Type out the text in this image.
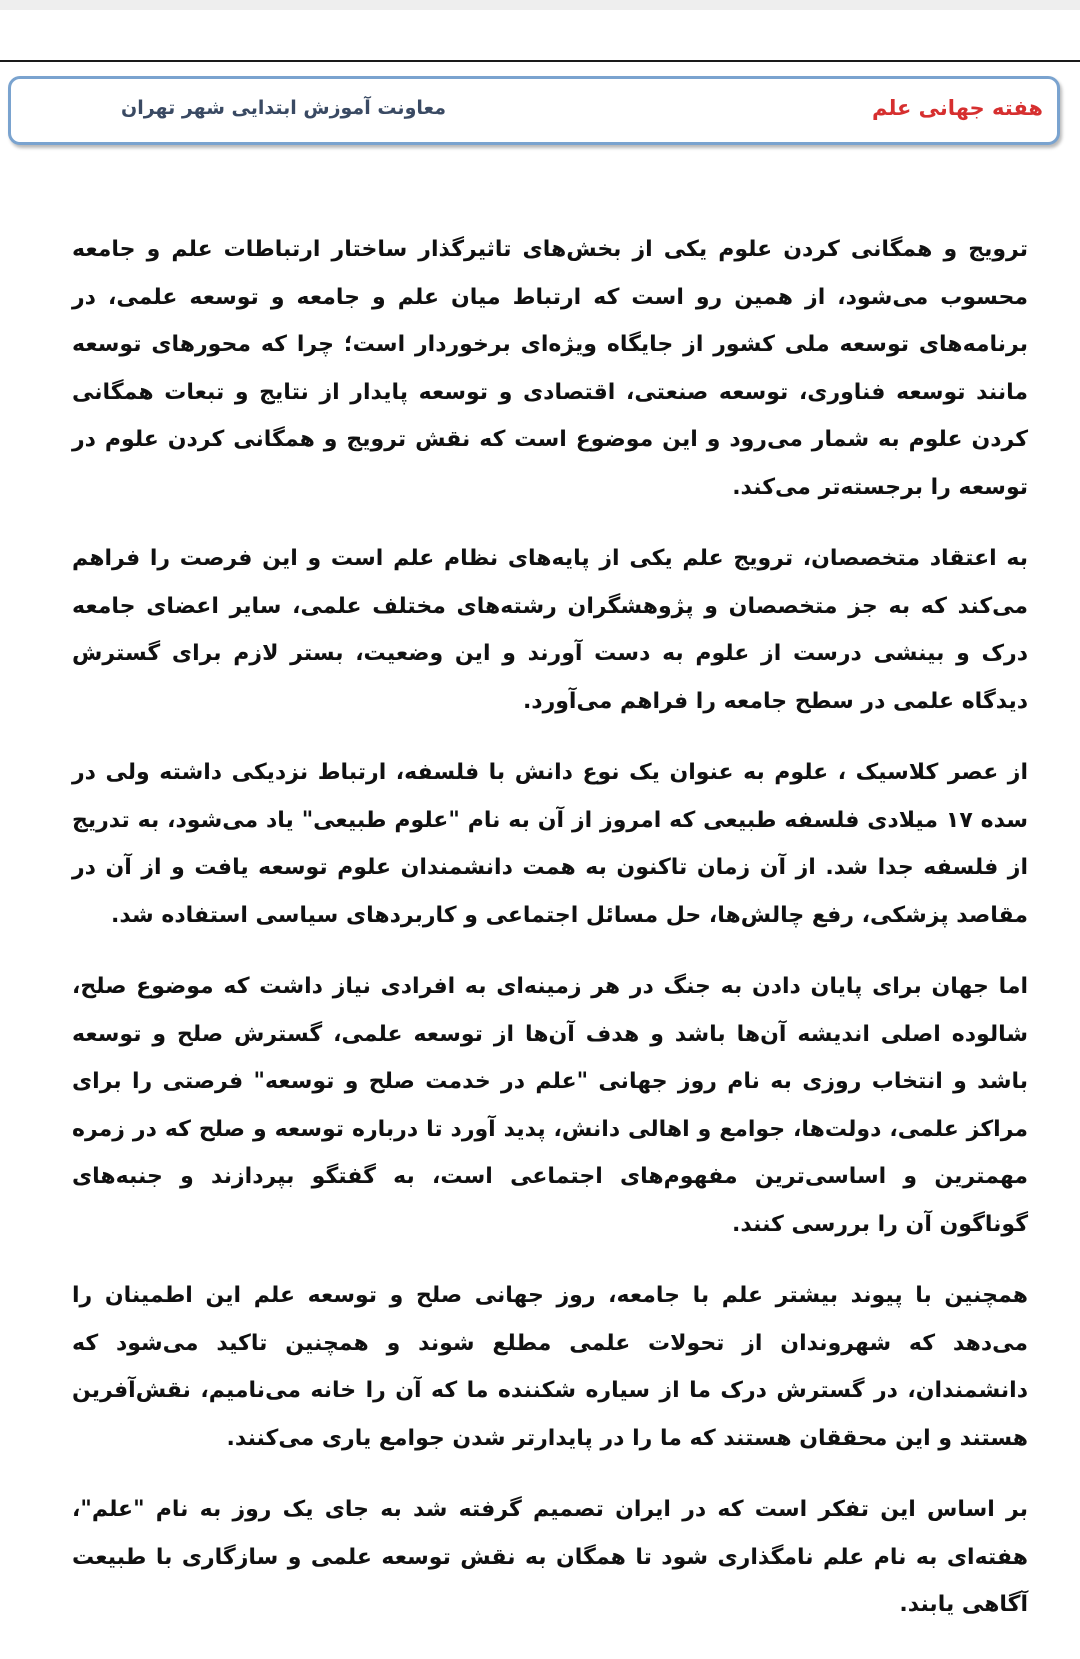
معاونت آموزش ابتدایی شهر تهران	هفته جهانی علم

ترویج و همگانی کردن علوم یکی از بخش‌های تاثیرگذار ساختار ارتباطات علم و جامعه محسوب می‌شود، از همین رو است که ارتباط میان علم و جامعه و توسعه علمی، در برنامه‌های توسعه ملی کشور از جایگاه ویژه‌ای برخوردار است؛ چرا که محورهای توسعه مانند توسعه فناوری، توسعه صنعتی، اقتصادی و توسعه پایدار از نتایج و تبعات همگانی کردن علوم به شمار می‌رود و این موضوع است که نقش ترویج و همگانی کردن علوم در توسعه را برجسته‌تر می‌کند.

به اعتقاد متخصصان، ترویج علم یکی از پایه‌های نظام علم است و این فرصت را فراهم می‌کند که به جز متخصصان و پژوهشگران رشته‌های مختلف علمی، سایر اعضای جامعه درک و بینشی درست از علوم به دست آورند و این وضعیت، بستر لازم برای گسترش دیدگاه علمی در سطح جامعه را فراهم می‌آورد.

از عصر کلاسیک ، علوم به عنوان یک نوع دانش با فلسفه، ارتباط نزدیکی داشته ولی در سده ۱۷ میلادی فلسفه طبیعی که امروز از آن به نام "علوم طبیعی" یاد می‌شود، به تدریج از فلسفه جدا شد. از آن زمان تاکنون به همت دانشمندان علوم توسعه یافت و از آن در مقاصد پزشکی، رفع چالش‌ها، حل مسائل اجتماعی و کاربردهای سیاسی استفاده شد.

اما جهان برای پایان دادن به جنگ در هر زمینه‌ای به افرادی نیاز داشت که موضوع صلح، شالوده اصلی اندیشه آن‌ها باشد و هدف آن‌ها از توسعه علمی، گسترش صلح و توسعه باشد و انتخاب روزی به نام روز جهانی "علم در خدمت صلح و توسعه" فرصتی را برای مراکز علمی، دولت‌ها، جوامع و اهالی دانش، پدید آورد تا درباره توسعه و صلح که در زمره مهمترین و اساسی‌ترین مفهوم‌های اجتماعی است، به گفتگو بپردازند و جنبه‌های گوناگون آن را بررسی کنند.

همچنین با پیوند بیشتر علم با جامعه، روز جهانی صلح و توسعه علم این اطمینان را می‌دهد که شهروندان از تحولات علمی مطلع شوند و همچنین تاکید می‌شود که دانشمندان، در گسترش درک ما از سیاره شکننده ما که آن را خانه می‌نامیم، نقش‌آفرین هستند و این محققان هستند که ما را در پایدارتر شدن جوامع یاری می‌کنند.

بر اساس این تفکر است که در ایران تصمیم گرفته شد به جای یک روز به نام "علم"، هفته‌ای به نام علم نامگذاری شود تا همگان به نقش توسعه علمی و سازگاری با طبیعت آگاهی یابند.
